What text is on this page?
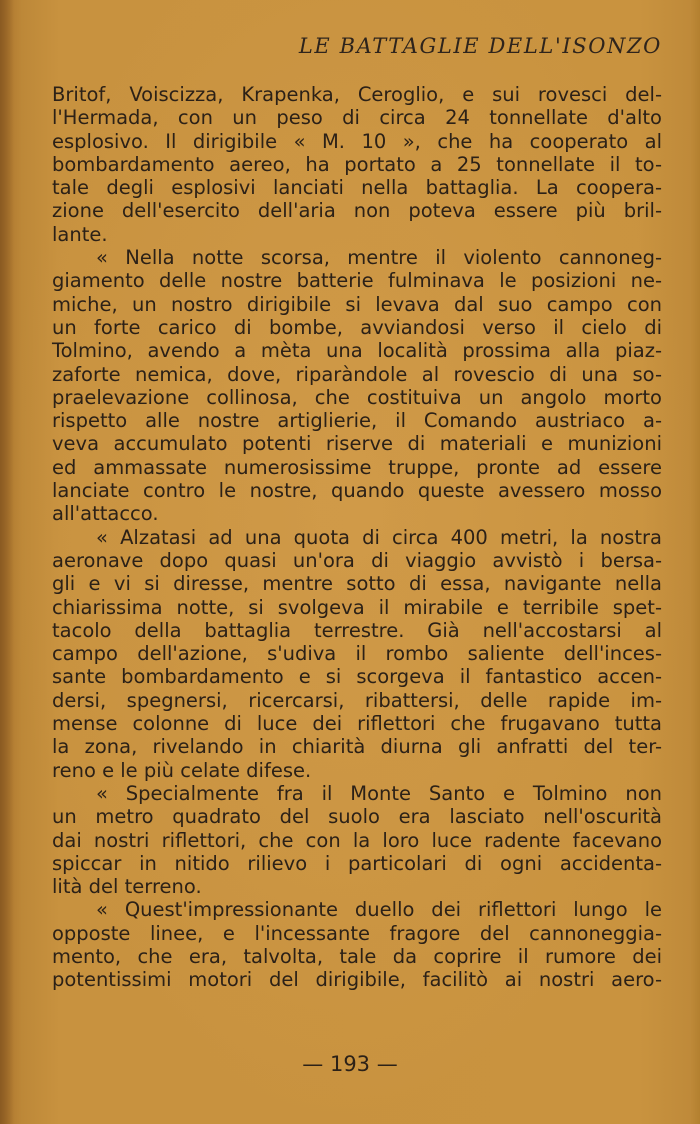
LE BATTAGLIE DELL'ISONZO
Britof, Voiscizza, Krapenka, Ceroglio, e sui rovesci del-
l'Hermada, con un peso di circa 24 tonnellate d'alto
esplosivo. Il dirigibile « M. 10 », che ha cooperato al
bombardamento aereo, ha portato a 25 tonnellate il to-
tale degli esplosivi lanciati nella battaglia. La coopera-
zione dell'esercito dell'aria non poteva essere più bril-
lante.
« Nella notte scorsa, mentre il violento cannoneg-
giamento delle nostre batterie fulminava le posizioni ne-
miche, un nostro dirigibile si levava dal suo campo con
un forte carico di bombe, avviandosi verso il cielo di
Tolmino, avendo a mèta una località prossima alla piaz-
zaforte nemica, dove, riparàndole al rovescio di una so-
praelevazione collinosa, che costituiva un angolo morto
rispetto alle nostre artiglierie, il Comando austriaco a-
veva accumulato potenti riserve di materiali e munizioni
ed ammassate numerosissime truppe, pronte ad essere
lanciate contro le nostre, quando queste avessero mosso
all'attacco.
« Alzatasi ad una quota di circa 400 metri, la nostra
aeronave dopo quasi un'ora di viaggio avvistò i bersa-
gli e vi si diresse, mentre sotto di essa, navigante nella
chiarissima notte, si svolgeva il mirabile e terribile spet-
tacolo della battaglia terrestre. Già nell'accostarsi al
campo dell'azione, s'udiva il rombo saliente dell'inces-
sante bombardamento e si scorgeva il fantastico accen-
dersi, spegnersi, ricercarsi, ribattersi, delle rapide im-
mense colonne di luce dei riflettori che frugavano tutta
la zona, rivelando in chiarità diurna gli anfratti del ter-
reno e le più celate difese.
« Specialmente fra il Monte Santo e Tolmino non
un metro quadrato del suolo era lasciato nell'oscurità
dai nostri riflettori, che con la loro luce radente facevano
spiccar in nitido rilievo i particolari di ogni accidenta-
lità del terreno.
« Quest'impressionante duello dei riflettori lungo le
opposte linee, e l'incessante fragore del cannoneggia-
mento, che era, talvolta, tale da coprire il rumore dei
potentissimi motori del dirigibile, facilitò ai nostri aero-
— 193 —
